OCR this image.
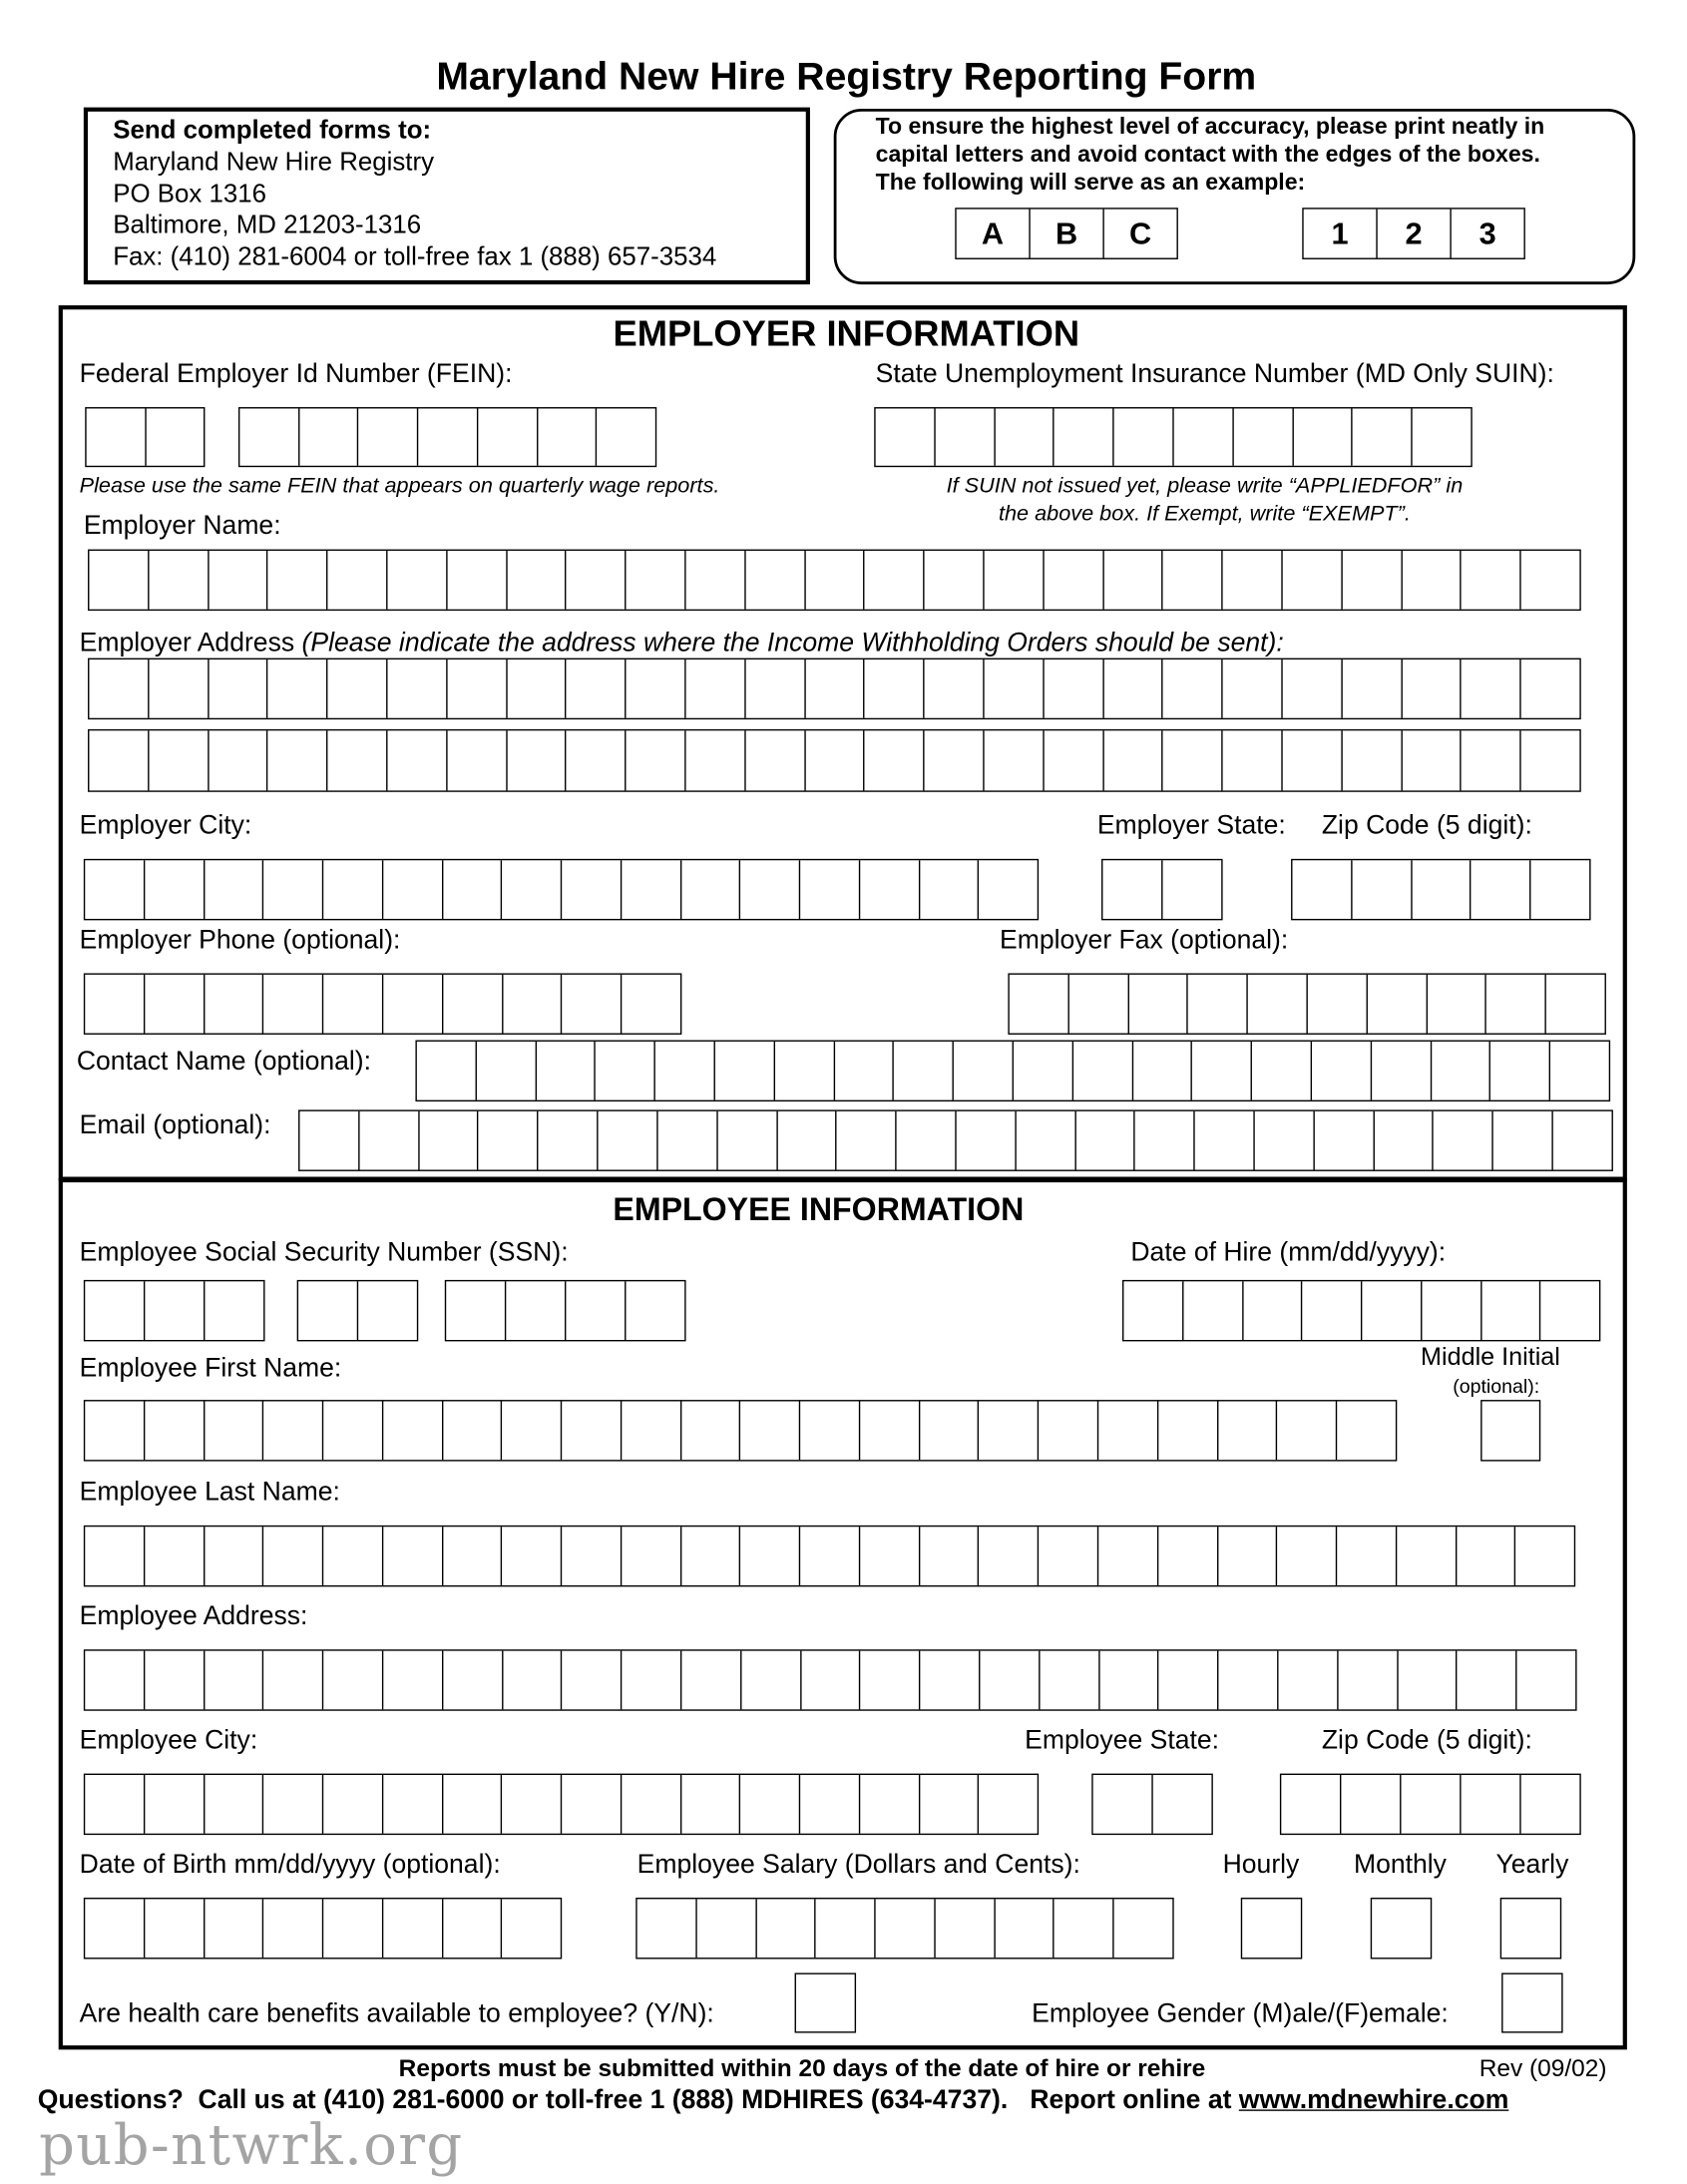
Maryland New Hire Registry Reporting Form
Send completed forms to:
Maryland New Hire Registry
PO Box 1316
Baltimore, MD 21203-1316
Fax: (410) 281-6004 or toll-free fax 1 (888) 657-3534
To ensure the highest level of accuracy, please print neatly in
capital letters and avoid contact with the edges of the boxes.
The following will serve as an example:
A	B	C	1	2	3
EMPLOYER INFORMATION
Federal Employer Id Number (FEIN):	State Unemployment Insurance Number (MD Only SUIN):
Please use the same FEIN that appears on quarterly wage reports.	If SUIN not issued yet, please write “APPLIEDFOR” in
the above box. If Exempt, write “EXEMPT”.
Employer Name:
Employer Address (Please indicate the address where the Income Withholding Orders should be sent):
Employer City:	Employer State: Zip Code (5 digit):
Employer Phone (optional):	Employer Fax (optional):
Contact Name (optional):
Email (optional):
EMPLOYEE INFORMATION
Employee Social Security Number (SSN):	Date of Hire (mm/dd/yyyy):
Employee First Name:	Middle Initial
(optional):
Employee Last Name:
Employee Address:
Employee City:	Employee State:	Zip Code (5 digit):
Date of Birth mm/dd/yyyy (optional):	Employee Salary (Dollars and Cents):	Hourly	Monthly	Yearly
Are health care benefits available to employee? (Y/N):	Employee Gender (M)ale/(F)emale:
Reports must be submitted within 20 days of the date of hire or rehire	Rev (09/02)
Questions?  Call us at (410) 281-6000 or toll-free 1 (888) MDHIRES (634-4737).   Report online at www.mdnewhire.com
pub-ntwrk.org
